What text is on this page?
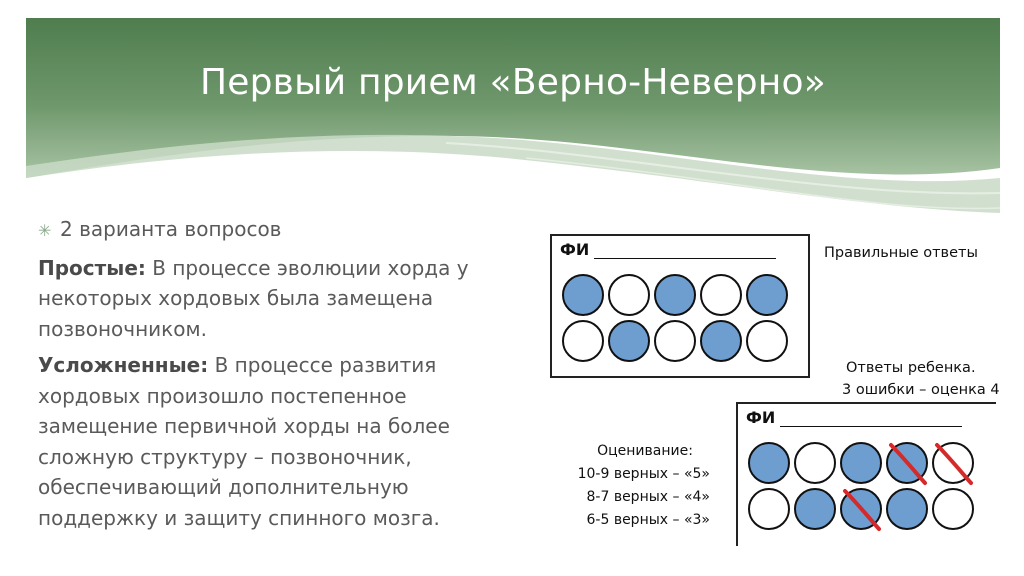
Первый прием «Верно-Неверно»
✳ 2 варианта вопросов

Простые: В процессе эволюции хорда у некоторых хордовых была замещена позвоночником.

Усложненные: В процессе развития хордовых произошло постепенное замещение первичной хорды на более сложную структуру – позвоночник, обеспечивающий дополнительную поддержку и защиту спинного мозга.

ФИ	Правильные ответы
Ответы ребенка.
3 ошибки – оценка 4
ФИ
Оценивание:
10-9 верных – «5»
8-7 верных – «4»
6-5 верных – «3»
